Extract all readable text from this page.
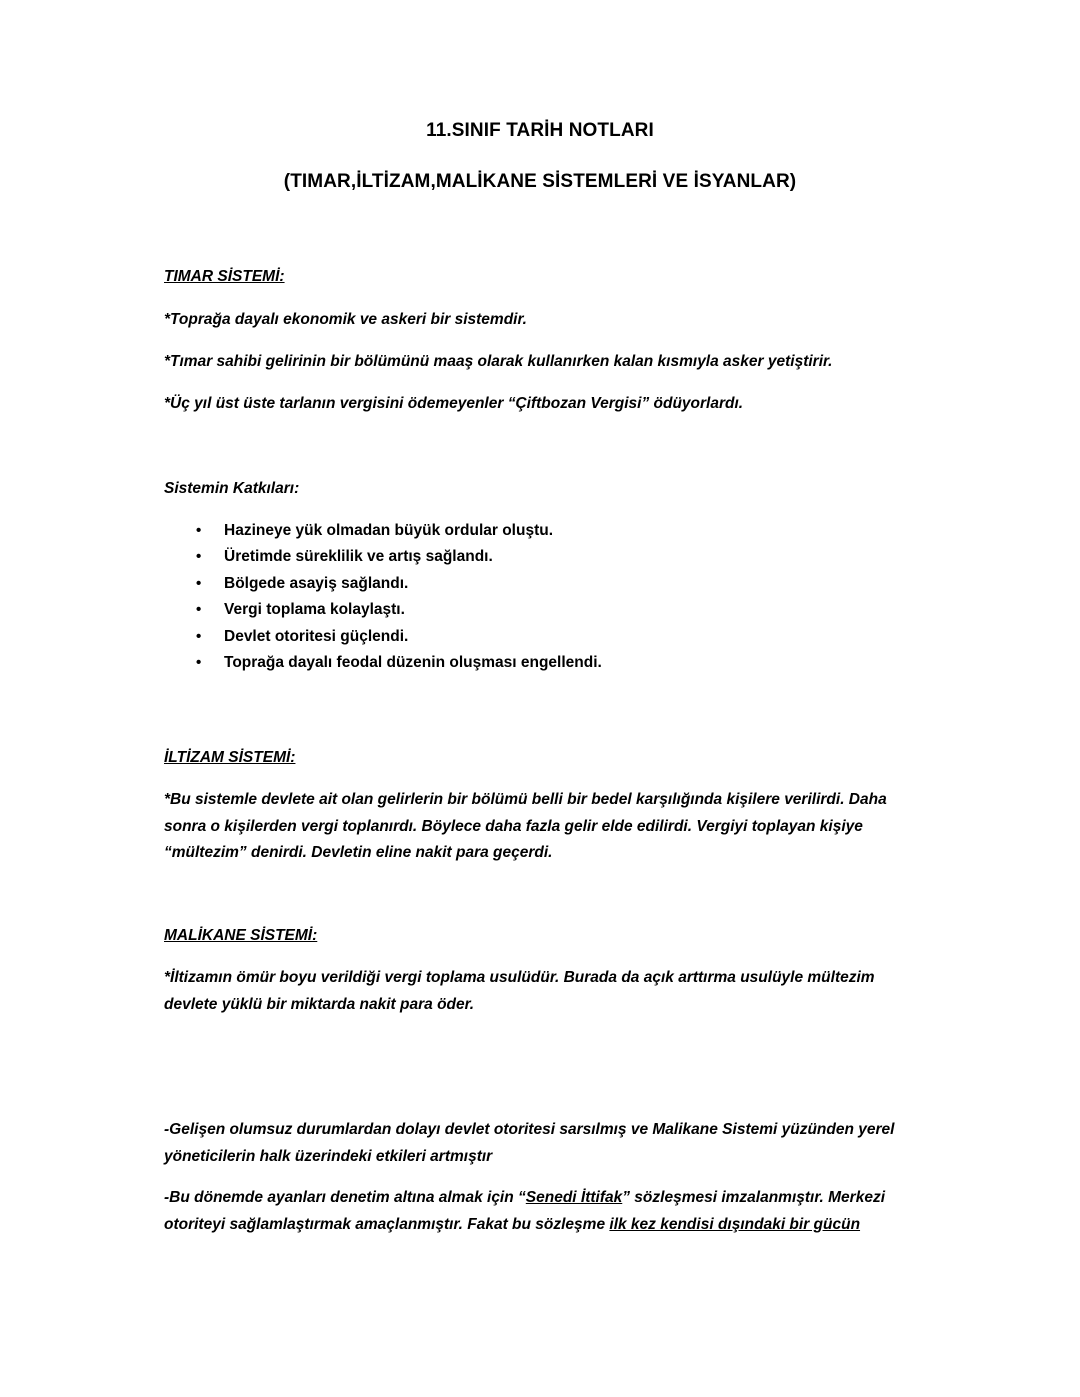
11.SINIF TARİH NOTLARI
(TIMAR,İLTİZAM,MALİKANE SİSTEMLERİ VE İSYANLAR)
TIMAR SİSTEMİ:
*Toprağa dayalı ekonomik ve askeri bir sistemdir.
*Tımar sahibi gelirinin bir bölümünü maaş olarak kullanırken kalan kısmıyla asker yetiştirir.
*Üç yıl üst üste tarlanın vergisini ödemeyenler “Çiftbozan Vergisi” ödüyorlardı.
Sistemin Katkıları:
• Hazineye yük olmadan büyük ordular oluştu.
• Üretimde süreklilik ve artış sağlandı.
• Bölgede asayiş sağlandı.
• Vergi toplama kolaylaştı.
• Devlet otoritesi güçlendi.
• Toprağa dayalı feodal düzenin oluşması engellendi.
İLTİZAM SİSTEMİ:
*Bu sistemle devlete ait olan gelirlerin bir bölümü belli bir bedel karşılığında kişilere verilirdi. Daha sonra o kişilerden vergi toplanırdı. Böylece daha fazla gelir elde edilirdi. Vergiyi toplayan kişiye “mültezim” denirdi. Devletin eline nakit para geçerdi.
MALİKANE SİSTEMİ:
*İltizamın ömür boyu verildiği vergi toplama usulüdür. Burada da açık arttırma usulüyle mültezim devlete yüklü bir miktarda nakit para öder.
-Gelişen olumsuz durumlardan dolayı devlet otoritesi sarsılmış ve Malikane Sistemi yüzünden yerel yöneticilerin halk üzerindeki etkileri artmıştır
-Bu dönemde ayanları denetim altına almak için “Senedi İttifak” sözleşmesi imzalanmıştır. Merkezi otoriteyi sağlamlaştırmak amaçlanmıştır. Fakat bu sözleşme ilk kez kendisi dışındaki bir gücün
